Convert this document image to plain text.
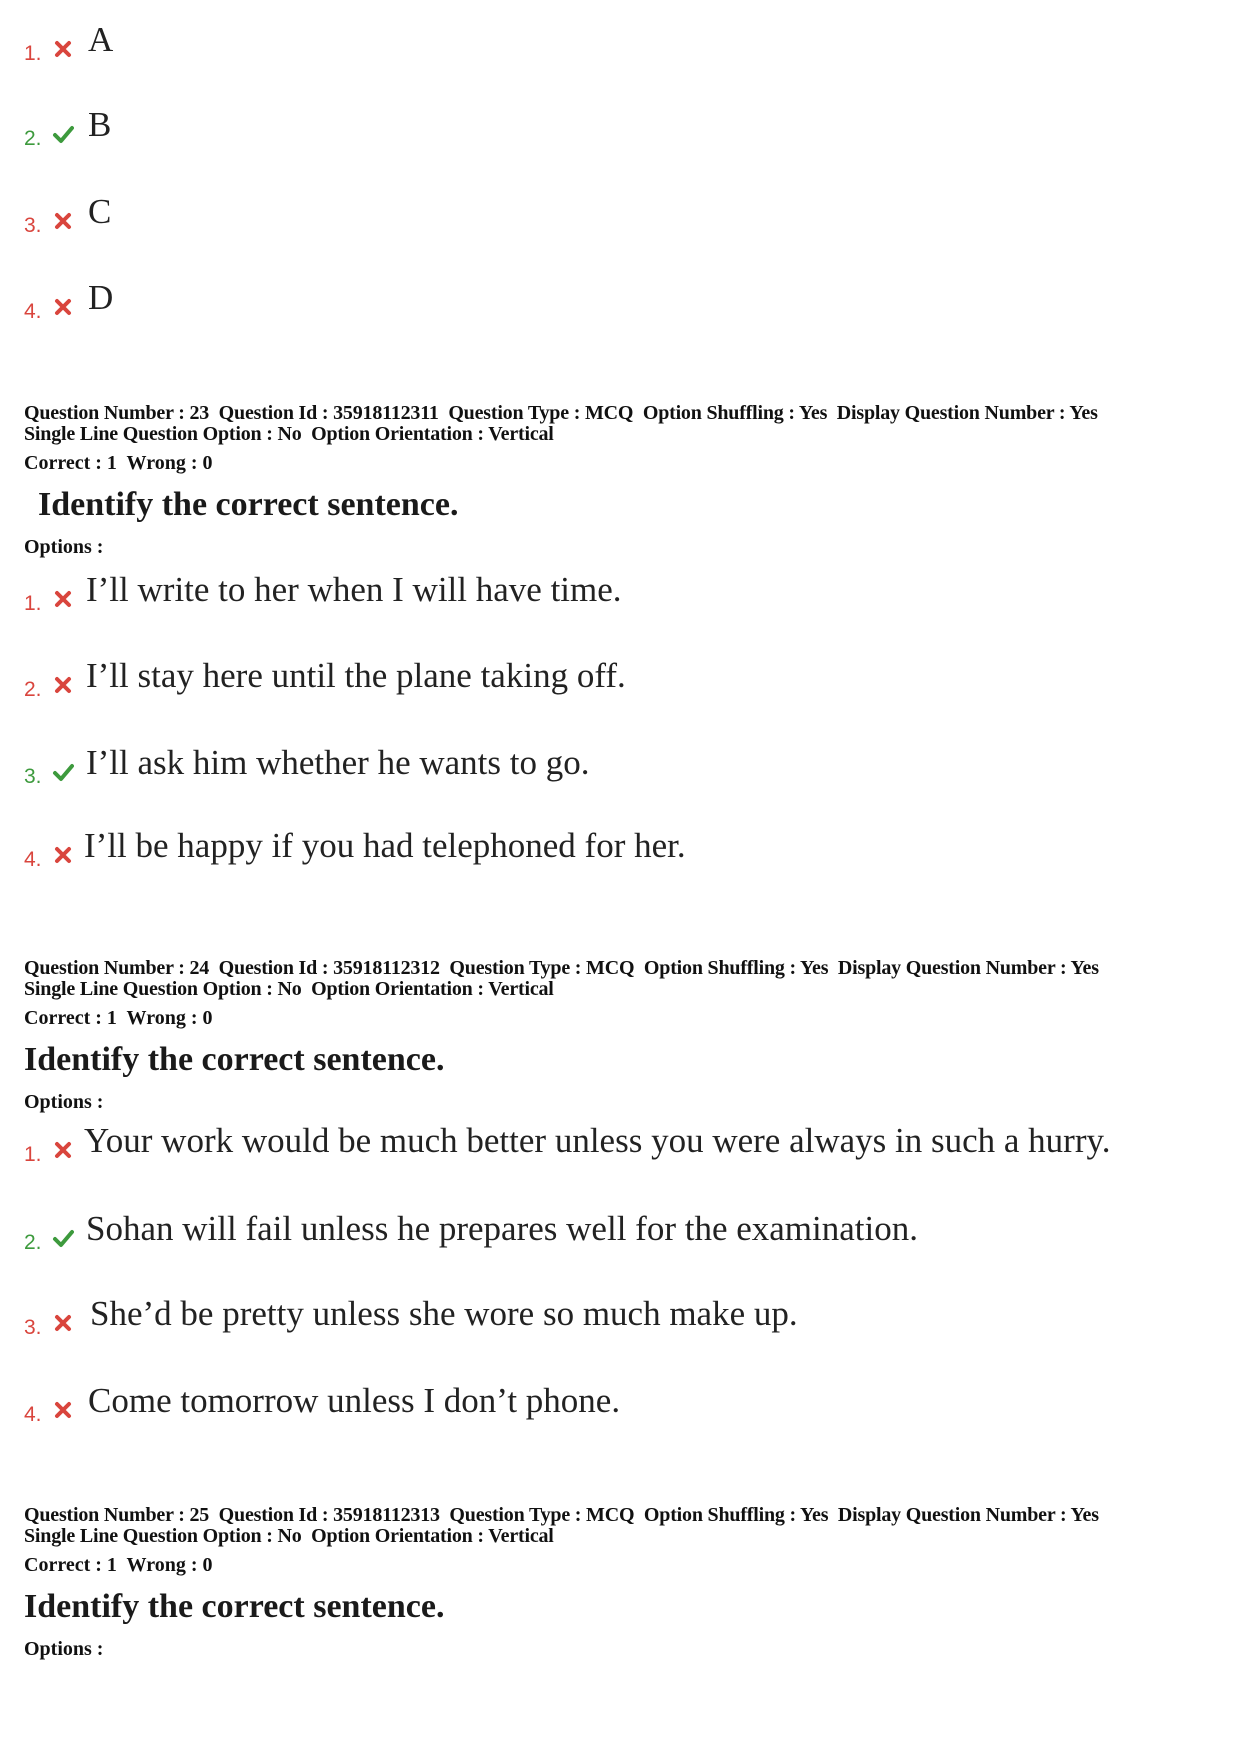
1. A
2. B
3. C
4. D
Question Number : 23  Question Id : 35918112311  Question Type : MCQ  Option Shuffling : Yes  Display Question Number : Yes
Single Line Question Option : No  Option Orientation : Vertical
Correct : 1  Wrong : 0
Identify the correct sentence.
Options :
1. I’ll write to her when I will have time.
2. I’ll stay here until the plane taking off.
3. I’ll ask him whether he wants to go.
4. I’ll be happy if you had telephoned for her.
Question Number : 24  Question Id : 35918112312  Question Type : MCQ  Option Shuffling : Yes  Display Question Number : Yes
Single Line Question Option : No  Option Orientation : Vertical
Correct : 1  Wrong : 0
Identify the correct sentence.
Options :
1. Your work would be much better unless you were always in such a hurry.
2. Sohan will fail unless he prepares well for the examination.
3. She’d be pretty unless she wore so much make up.
4. Come tomorrow unless I don’t phone.
Question Number : 25  Question Id : 35918112313  Question Type : MCQ  Option Shuffling : Yes  Display Question Number : Yes
Single Line Question Option : No  Option Orientation : Vertical
Correct : 1  Wrong : 0
Identify the correct sentence.
Options :
